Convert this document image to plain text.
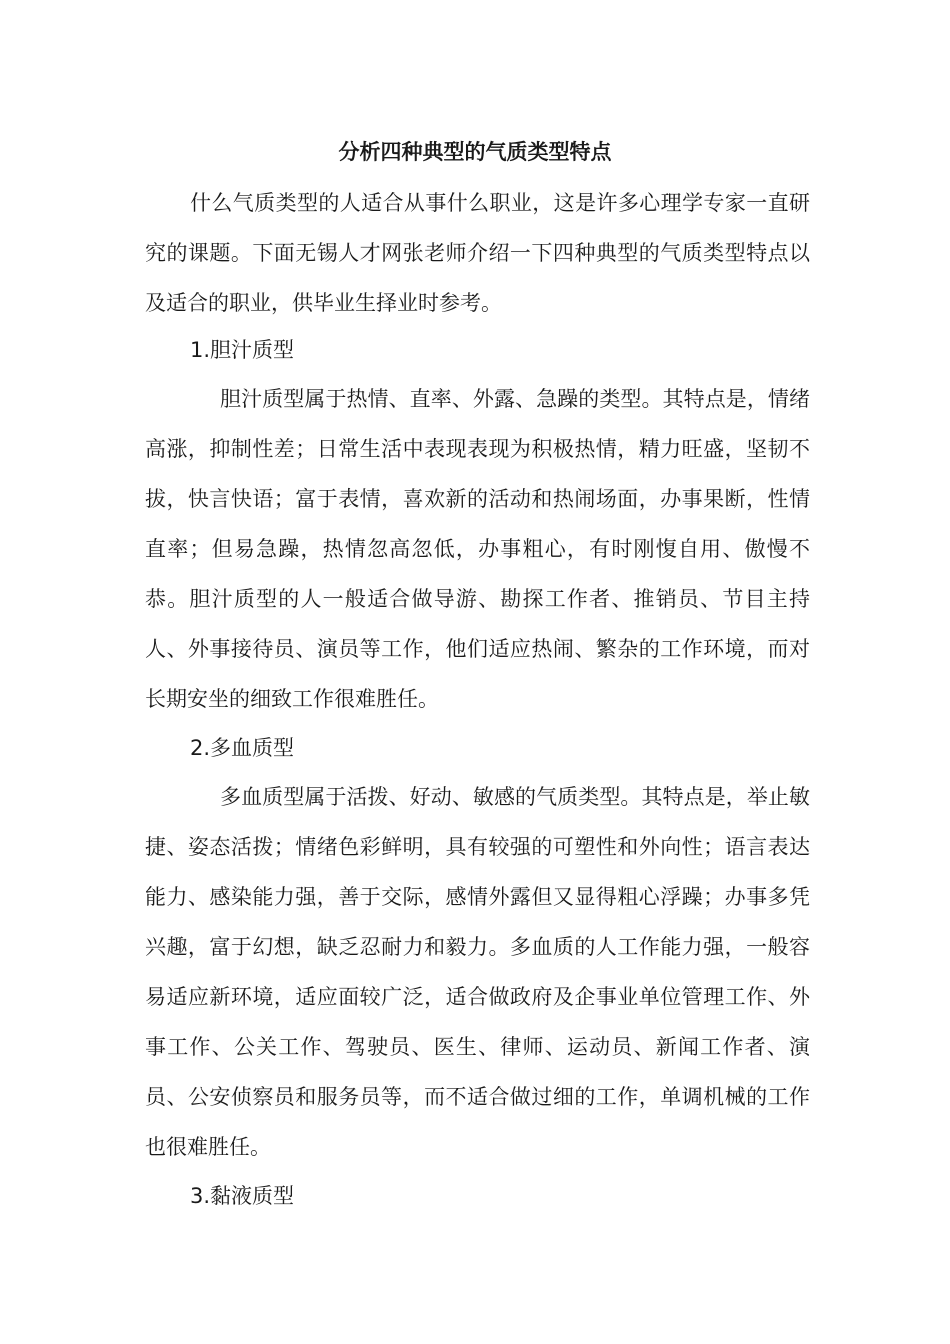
分析四种典型的气质类型特点
什么气质类型的人适合从事什么职业，这是许多心理学专家一直研究的课题。下面无锡人才网张老师介绍一下四种典型的气质类型特点以及适合的职业，供毕业生择业时参考。
1.胆汁质型
胆汁质型属于热情、直率、外露、急躁的类型。其特点是，情绪高涨，抑制性差；日常生活中表现表现为积极热情，精力旺盛，坚韧不拔，快言快语；富于表情，喜欢新的活动和热闹场面，办事果断，性情直率；但易急躁，热情忽高忽低，办事粗心，有时刚愎自用、傲慢不恭。胆汁质型的人一般适合做导游、勘探工作者、推销员、节目主持人、外事接待员、演员等工作，他们适应热闹、繁杂的工作环境，而对长期安坐的细致工作很难胜任。
2.多血质型
多血质型属于活拨、好动、敏感的气质类型。其特点是，举止敏捷、姿态活拨；情绪色彩鲜明，具有较强的可塑性和外向性；语言表达能力、感染能力强，善于交际，感情外露但又显得粗心浮躁；办事多凭兴趣，富于幻想，缺乏忍耐力和毅力。多血质的人工作能力强，一般容易适应新环境，适应面较广泛，适合做政府及企事业单位管理工作、外事工作、公关工作、驾驶员、医生、律师、运动员、新闻工作者、演员、公安侦察员和服务员等，而不适合做过细的工作，单调机械的工作也很难胜任。
3.黏液质型
